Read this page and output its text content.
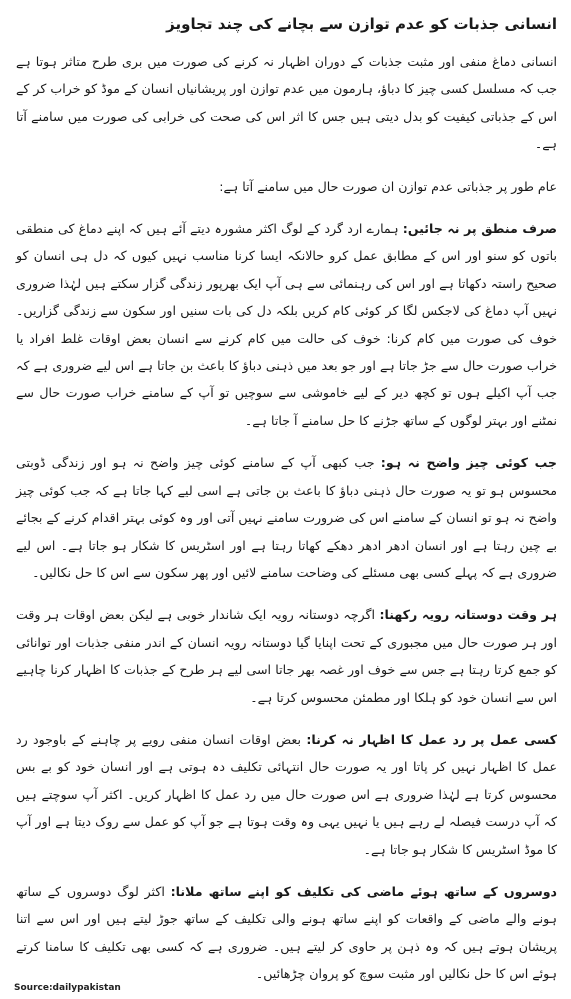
انسانی جذبات کو عدم توازن سے بچانے کی چند تجاویز

انسانی دماغ منفی اور مثبت جذبات کے دوران اظہار نہ کرنے کی صورت میں بری طرح متاثر ہوتا ہے جب کہ مسلسل کسی چیز کا دباؤ، ہارمون میں عدم توازن اور پریشانیاں انسان کے موڈ کو خراب کر کے اس کے جذباتی کیفیت کو بدل دیتی ہیں جس کا اثر اس کی صحت کی خرابی کی صورت میں سامنے آتا ہے۔

عام طور پر جذباتی عدم توازن ان صورت حال میں سامنے آتا ہے:

صرف منطق پر نہ جائیں: ہمارے ارد گرد کے لوگ اکثر مشورہ دیتے آئے ہیں کہ اپنے دماغ کی منطقی باتوں کو سنو اور اس کے مطابق عمل کرو حالانکہ ایسا کرنا مناسب نہیں کیوں کہ دل ہی انسان کو صحیح راستہ دکھاتا ہے اور اس کی رہنمائی سے ہی آپ ایک بھرپور زندگی گزار سکتے ہیں لہٰذا ضروری نہیں آپ دماغ کی لاجکس لگا کر کوئی کام کریں بلکہ دل کی بات سنیں اور سکون سے زندگی گزاریں۔ خوف کی صورت میں کام کرنا: خوف کی حالت میں کام کرنے سے انسان بعض اوقات غلط افراد یا خراب صورت حال سے جڑ جاتا ہے اور جو بعد میں ذہنی دباؤ کا باعث بن جاتا ہے اس لیے ضروری ہے کہ جب آپ اکیلے ہوں تو کچھ دیر کے لیے خاموشی سے سوچیں تو آپ کے سامنے خراب صورت حال سے نمٹنے اور بہتر لوگوں کے ساتھ جڑنے کا حل سامنے آ جاتا ہے۔

جب کوئی چیز واضح نہ ہو: جب کبھی آپ کے سامنے کوئی چیز واضح نہ ہو اور زندگی ڈوبتی محسوس ہو تو یہ صورت حال ذہنی دباؤ کا باعث بن جاتی ہے اسی لیے کہا جاتا ہے کہ جب کوئی چیز واضح نہ ہو تو انسان کے سامنے اس کی ضرورت سامنے نہیں آتی اور وہ کوئی بہتر اقدام کرنے کے بجائے بے چین رہتا ہے اور انسان ادھر ادھر دھکے کھاتا رہتا ہے اور اسٹریس کا شکار ہو جاتا ہے۔ اس لیے ضروری ہے کہ پہلے کسی بھی مسئلے کی وضاحت سامنے لائیں اور پھر سکون سے اس کا حل نکالیں۔

ہر وقت دوستانہ رویہ رکھنا: اگرچہ دوستانہ رویہ ایک شاندار خوبی ہے لیکن بعض اوقات ہر وقت اور ہر صورت حال میں مجبوری کے تحت اپنایا گیا دوستانہ رویہ انسان کے اندر منفی جذبات اور توانائی کو جمع کرتا رہتا ہے جس سے خوف اور غصہ بھر جاتا اسی لیے ہر طرح کے جذبات کا اظہار کرنا چاہیے اس سے انسان خود کو ہلکا اور مطمئن محسوس کرتا ہے۔

کسی عمل پر رد عمل کا اظہار نہ کرنا: بعض اوقات انسان منفی رویے پر چاہنے کے باوجود رد عمل کا اظہار نہیں کر پاتا اور یہ صورت حال انتہائی تکلیف دہ ہوتی ہے اور انسان خود کو بے بس محسوس کرتا ہے لہٰذا ضروری ہے اس صورت حال میں رد عمل کا اظہار کریں۔ اکثر آپ سوچتے ہیں کہ آپ درست فیصلہ لے رہے ہیں یا نہیں یہی وہ وقت ہوتا ہے جو آپ کو عمل سے روک دیتا ہے اور آپ کا موڈ اسٹریس کا شکار ہو جاتا ہے۔

دوسروں کے ساتھ ہوئے ماضی کی تکلیف کو اپنے ساتھ ملانا: اکثر لوگ دوسروں کے ساتھ ہونے والے ماضی کے واقعات کو اپنے ساتھ ہونے والی تکلیف کے ساتھ جوڑ لیتے ہیں اور اس سے اتنا پریشان ہوتے ہیں کہ وہ ذہن پر حاوی کر لیتے ہیں۔ ضروری ہے کہ کسی بھی تکلیف کا سامنا کرتے ہوئے اس کا حل نکالیں اور مثبت سوچ کو پروان چڑھائیں۔

Source:dailypakistan
